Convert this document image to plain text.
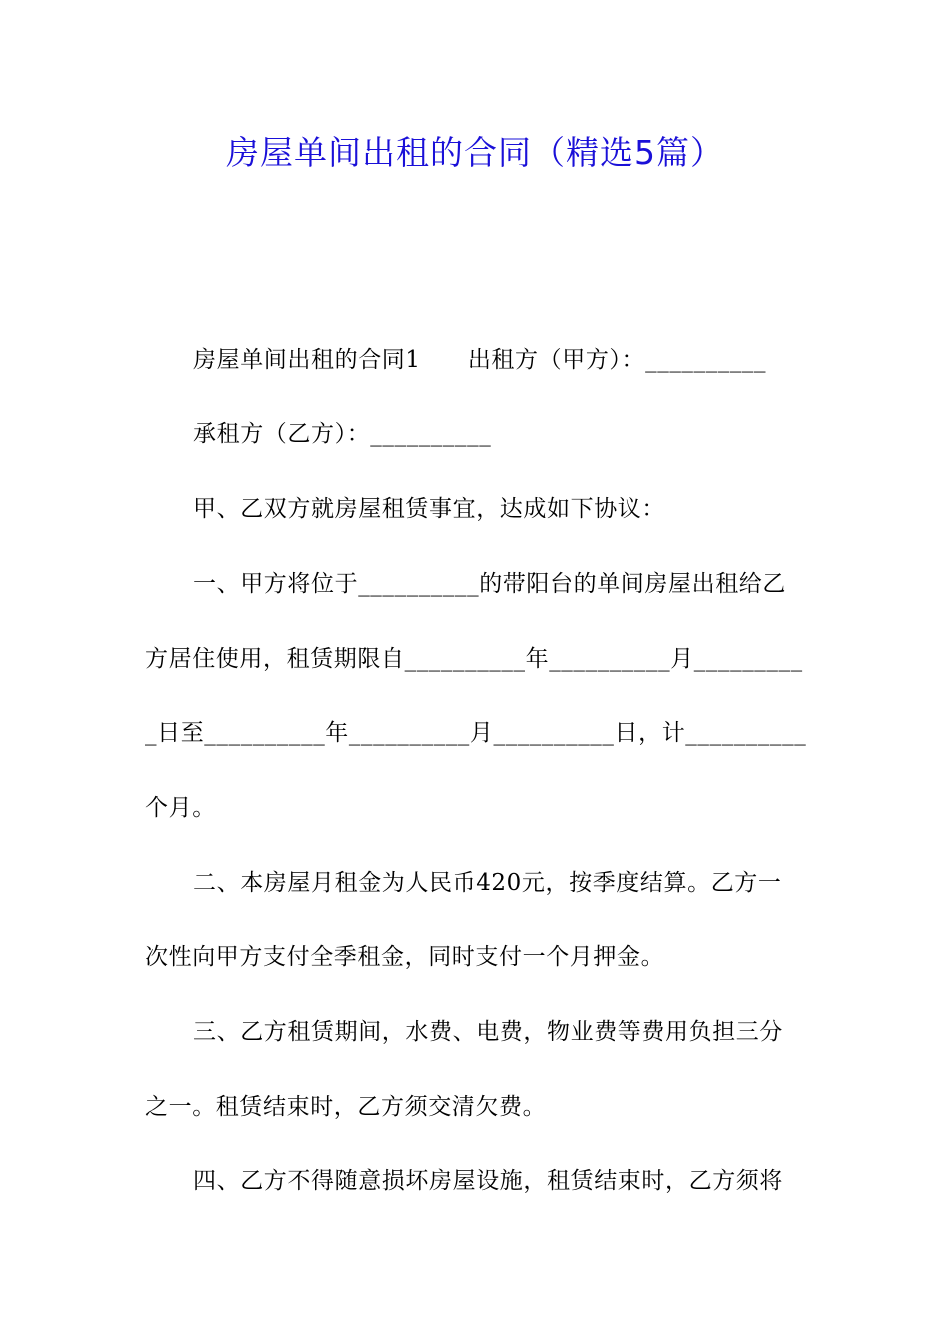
房屋单间出租的合同（精选5篇）
房屋单间出租的合同1　　出租方（甲方）：__________
承租方（乙方）：__________
甲、乙双方就房屋租赁事宜，达成如下协议：
一、甲方将位于__________的带阳台的单间房屋出租给乙
方居住使用，租赁期限自__________年__________月_________
_日至__________年__________月__________日，计__________
个月。
二、本房屋月租金为人民币420元，按季度结算。乙方一
次性向甲方支付全季租金，同时支付一个月押金。
三、乙方租赁期间，水费、电费，物业费等费用负担三分
之一。租赁结束时，乙方须交清欠费。
四、乙方不得随意损坏房屋设施，租赁结束时，乙方须将
